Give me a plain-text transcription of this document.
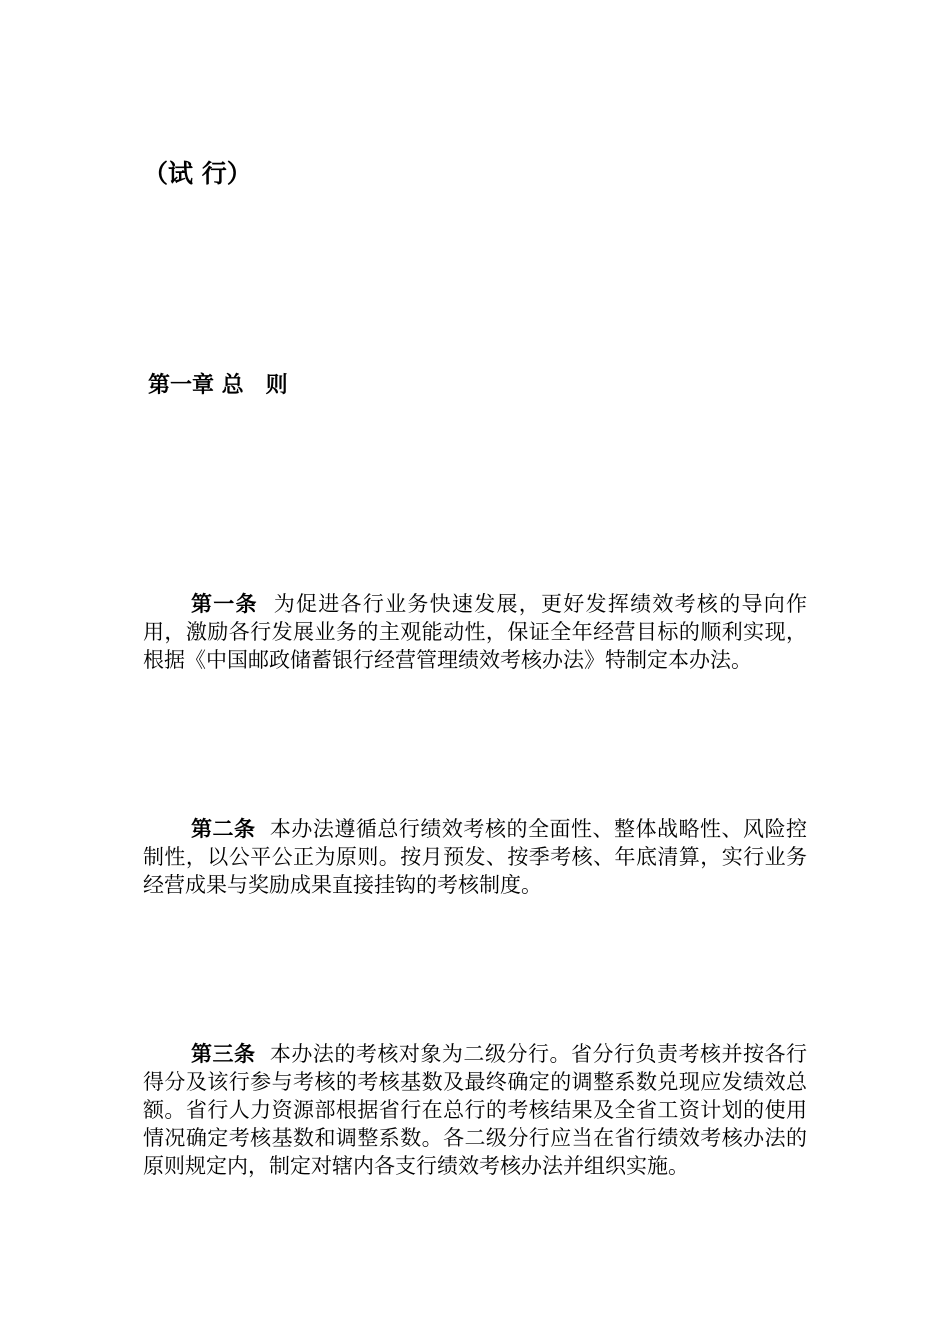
（试 行）
第一章 总　则

第一条 为促进各行业务快速发展，更好发挥绩效考核的导向作用，激励各行发展业务的主观能动性，保证全年经营目标的顺利实现，根据《中国邮政储蓄银行经营管理绩效考核办法》特制定本办法。

第二条 本办法遵循总行绩效考核的全面性、整体战略性、风险控制性，以公平公正为原则。按月预发、按季考核、年底清算，实行业务经营成果与奖励成果直接挂钩的考核制度。

第三条 本办法的考核对象为二级分行。省分行负责考核并按各行得分及该行参与考核的考核基数及最终确定的调整系数兑现应发绩效总额。省行人力资源部根据省行在总行的考核结果及全省工资计划的使用情况确定考核基数和调整系数。各二级分行应当在省行绩效考核办法的原则规定内，制定对辖内各支行绩效考核办法并组织实施。
